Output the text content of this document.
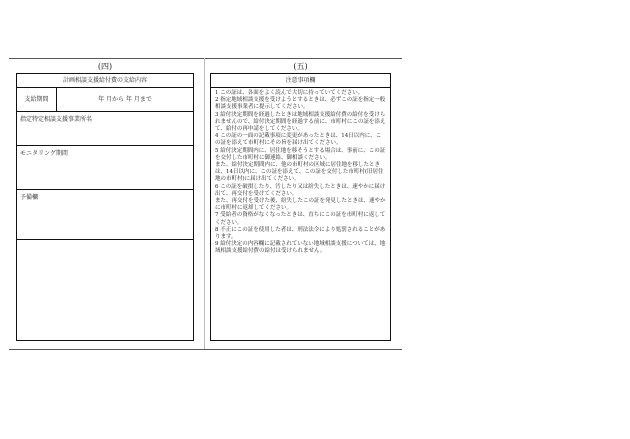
(四)	(五)
計画相談支援給付費の支給内容
支給期間	年 月から 年 月まで
指定特定相談支援事業所名
モニタリング期間
予備欄
注意事項欄

1 この証は、各面をよく読んで大切に持っていてください。

2 指定地域相談支援を受けようとするときは、必ずこの証を指定一般相談支援事業者に提示してください。

3 給付決定期間を経過したときは地域相談支援給付費の給付を受けられませんので、給付決定期間を経過する前に、市町村にこの証を添えて、給付の再申請をしてください。

4 この証の一面の記載事項に変更があったときは、14日以内に、この証を添えて市町村にその旨を届け出てください。

5 給付決定期間内に、居住地を移そうとする場合は、事前に、この証を交付した市町村に御連絡、御相談ください。

また、給付決定期間内に、他の市町村の区域に居住地を移したときは、14日以内に、この証を添えて、この証を交付した市町村(旧居住地の市町村)に届け出てください。

6 この証を破損したり、汚したり又は紛失したときは、速やかに届け出て、再交付を受けてください。

また、再交付を受けた後、紛失したこの証を発見したときは、速やかに市町村に返却してください。

7 受給者の資格がなくなったときは、直ちにこの証を市町村に返してください。

8 不正にこの証を使用した者は、刑法法令により処罰されることがあります。

9 給付決定の内容欄に記載されていない地域相談支援については、地域相談支援給付費の給付は受けられません。
